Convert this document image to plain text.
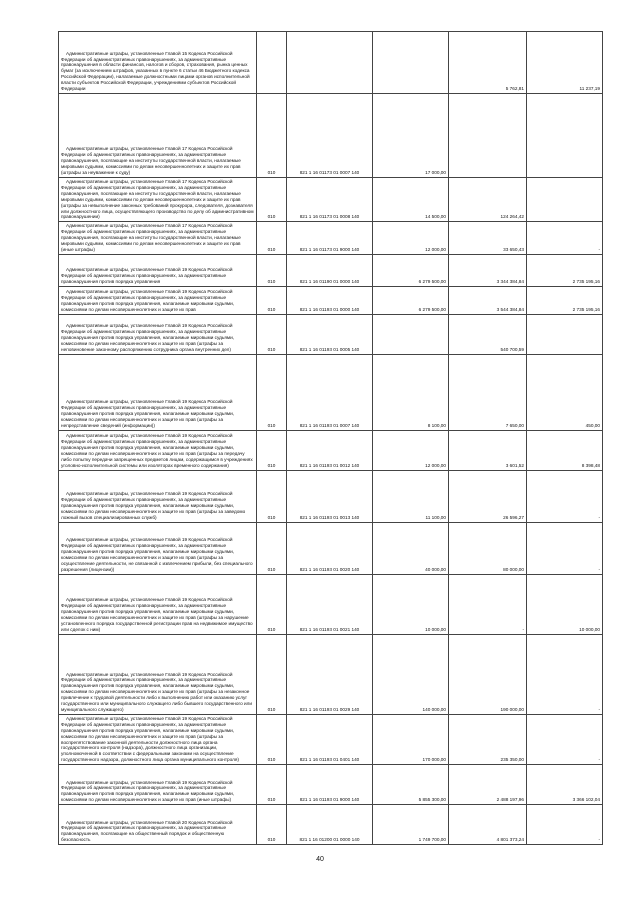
Административные штрафы, установленные Главой 15 Кодекса Российской Федерации об административных правонарушениях, за административные правонарушения в области финансов, налогов и сборов, страхования, рынка ценных бумаг (за исключением штрафов, указанных в пункте 6 статьи 46 Бюджетного кодекса Российской Федерации), налагаемые должностными лицами органов исполнительной власти субъектов Российской Федерации, учреждениями субъектов Российской Федерации				5 762,81	11 237,19
Административные штрафы, установленные Главой 17 Кодекса Российской Федерации об административных правонарушениях, за административные правонарушения, посягающие на институты государственной власти, налагаемые мировыми судьями, комиссиями по делам несовершеннолетних и защите их прав (штрафы за неуважение к суду)	010	821 1 16 01173 01 0007 140	17 000,00		
Административные штрафы, установленные Главой 17 Кодекса Российской Федерации об административных правонарушениях, за административные правонарушения, посягающие на институты государственной власти, налагаемые мировыми судьями, комиссиями по делам несовершеннолетних и защите их прав (штрафы за невыполнение законных требований прокурора, следователя, дознавателя или должностного лица, осуществляющего производство по делу об административном правонарушении)	010	821 1 16 01173 01 0008 140	14 500,00	124 264,42	
Административные штрафы, установленные Главой 17 Кодекса Российской Федерации об административных правонарушениях, за административные правонарушения, посягающие на институты государственной власти, налагаемые мировыми судьями, комиссиями по делам несовершеннолетних и защите их прав (иные штрафы)	010	821 1 16 01173 01 9000 140	12 000,00	33 650,43	-
Административные штрафы, установленные Главой 19 Кодекса Российской Федерации об административных правонарушениях, за административные правонарушения против порядка управления	010	821 1 16 01190 01 0000 140	6 279 500,00	3 344 384,84	2 735 195,16
Административные штрафы, установленные Главой 19 Кодекса Российской Федерации об административных правонарушениях, за административные правонарушения против порядка управления, налагаемые мировыми судьями, комиссиями по делам несовершеннолетних и защите их прав	010	821 1 16 01193 01 0000 140	6 279 500,00	3 544 384,84	2 735 195,16
Административные штрафы, установленные Главой 19 Кодекса Российской Федерации об административных правонарушениях, за административные правонарушения против порядка управления, налагаемые мировыми судьями, комиссиями по делам несовершеннолетних и защите их прав (штрафы за неповиновение законному распоряжению сотрудника органа внутренних дел)	010	821 1 16 01193 01 0005 140		540 700,59	
Административные штрафы, установленные Главой 19 Кодекса Российской Федерации об административных правонарушениях, за административные правонарушения против порядка управления, налагаемые мировыми судьями, комиссиями по делам несовершеннолетних и защите их прав (штрафы за непредставление сведений (информации))	010	821 1 16 01193 01 0007 140	8 100,00	7 650,00	450,00
Административные штрафы, установленные Главой 19 Кодекса Российской Федерации об административных правонарушениях, за административные правонарушения против порядка управления, налагаемые мировыми судьями, комиссиями по делам несовершеннолетних и защите их прав (штрафы за передачу либо попытку передачи запрещенных предметов лицам, содержащимся в учреждениях уголовно-исполнительной системы или изоляторах временного содержания)	010	821 1 16 01193 01 0012 140	12 000,00	3 601,52	8 398,48
Административные штрафы, установленные Главой 19 Кодекса Российской Федерации об административных правонарушениях, за административные правонарушения против порядка управления, налагаемые мировыми судьями, комиссиями по делам несовершеннолетних и защите их прав (штрафы за заведомо ложный вызов специализированных служб)	010	821 1 16 01193 01 0013 140	11 100,00	26 596,27	-
Административные штрафы, установленные Главой 19 Кодекса Российской Федерации об административных правонарушениях, за административные правонарушения против порядка управления, налагаемые мировыми судьями, комиссиями по делам несовершеннолетних и защите их прав (штрафы за осуществление деятельности, не связанной с извлечением прибыли, без специального разрешения (лицензии))	010	821 1 16 01193 01 0020 140	40 000,00	80 000,00	-
Административные штрафы, установленные Главой 19 Кодекса Российской Федерации об административных правонарушениях, за административные правонарушения против порядка управления, налагаемые мировыми судьями, комиссиями по делам несовершеннолетних и защите их прав (штрафы за нарушение установленного порядка государственной регистрации прав на недвижимое имущество или сделок с ним)	010	821 1 16 01193 01 0021 140	10 000,00	-	10 000,00
Административные штрафы, установленные Главой 19 Кодекса Российской Федерации об административных правонарушениях, за административные правонарушения против порядка управления, налагаемые мировыми судьями, комиссиями по делам несовершеннолетних и защите их прав (штрафы за незаконное привлечение к трудовой деятельности либо к выполнению работ или оказанию услуг государственного или муниципального служащего либо бывшего государственного или муниципального служащего)	010	821 1 16 01193 01 0029 140	140 000,00	190 000,00	-
Административные штрафы, установленные Главой 19 Кодекса Российской Федерации об административных правонарушениях, за административные правонарушения против порядка управления, налагаемые мировыми судьями, комиссиями по делам несовершеннолетних и защите их прав (штрафы за воспрепятствование законной деятельности должностного лица органа государственного контроля (надзора), должностного лица организации, уполномоченной в соответствии с федеральными законами на осуществление государственного надзора, должностного лица органа муниципального контроля)	010	821 1 16 01193 01 0401 140	170 000,00	235 350,00	-
Административные штрафы, установленные Главой 19 Кодекса Российской Федерации об административных правонарушениях, за административные правонарушения против порядка управления, налагаемые мировыми судьями, комиссиями по делам несовершеннолетних и защите их прав (иные штрафы)	010	821 1 16 01193 01 9000 140	5 855 300,00	2 488 197,96	3 366 102,04
Административные штрафы, установленные Главой 20 Кодекса Российской Федерации об административных правонарушениях, за административные правонарушения, посягающие на общественный порядок и общественную безопасность	010	821 1 16 01200 01 0000 140	1 749 700,00	4 801 373,24	-
40
